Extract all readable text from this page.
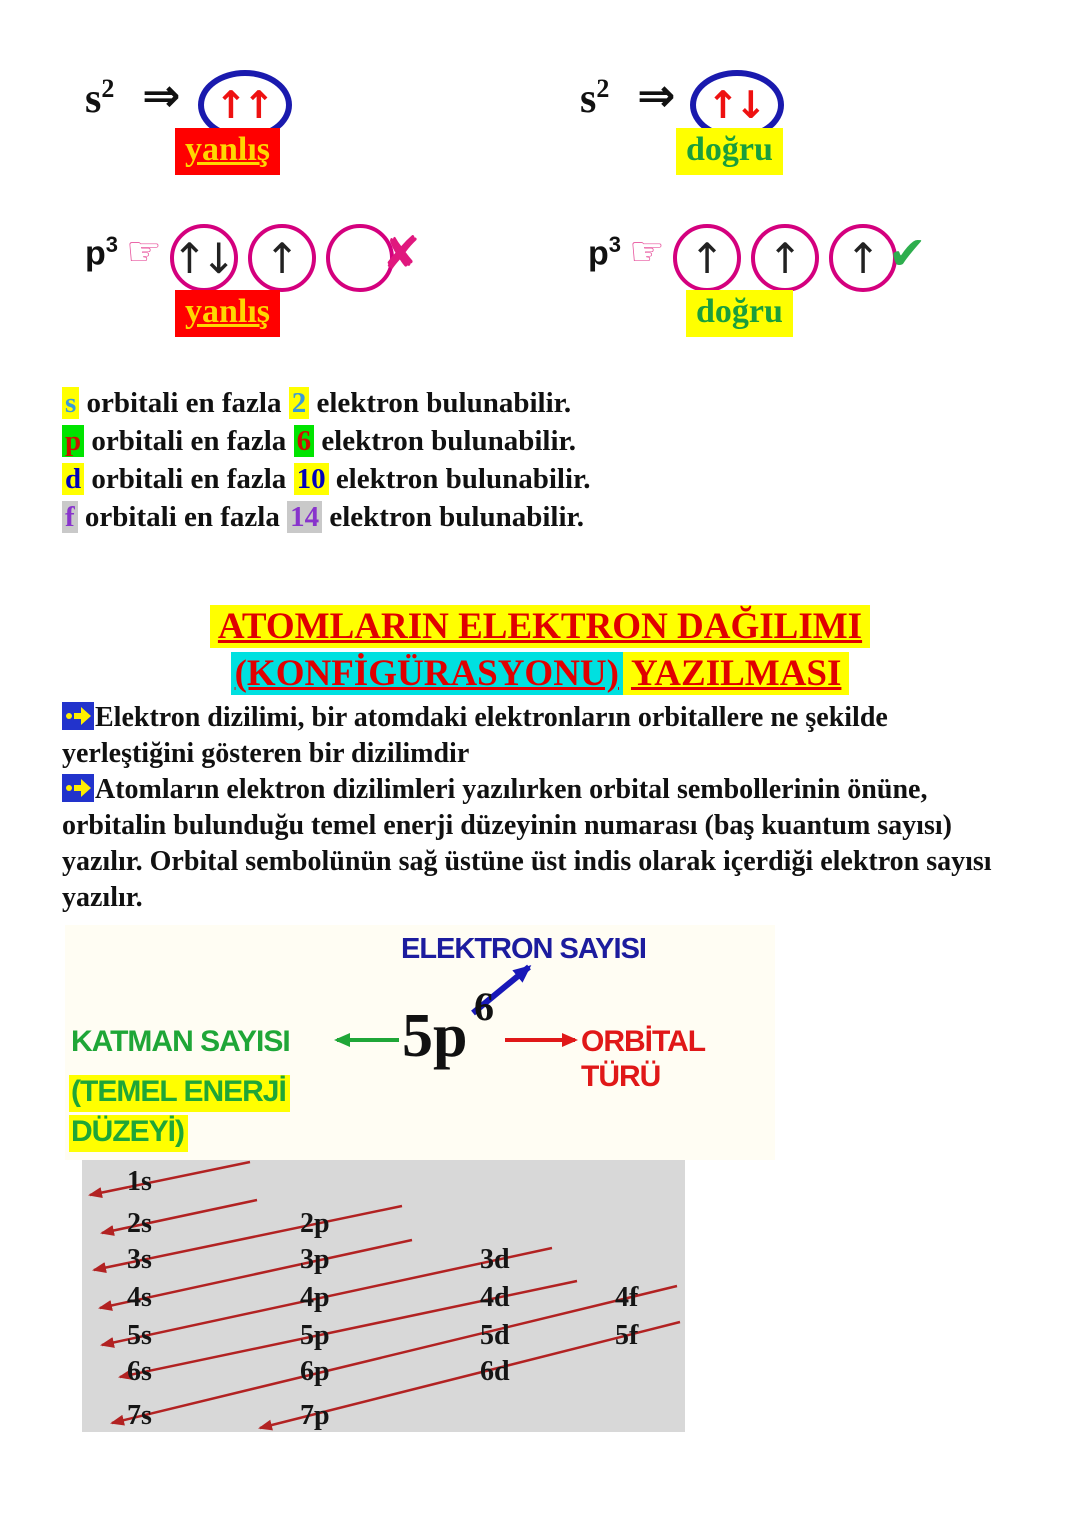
$s^2$ ⇒ ↑↑
yanlış
$s^2$ ⇒ ↑↓
doğru
$p^3$ ☞ ↑↓ ↑	✘
yanlış
$p^3$ ☞ ↑	↑	↑ ✔
doğru
s orbitali en fazla 2 elektron bulunabilir.
p orbitali en fazla 6 elektron bulunabilir.
d orbitali en fazla 10 elektron bulunabilir.
f orbitali en fazla 14 elektron bulunabilir.
ATOMLARIN ELEKTRON DAĞILIMI
(KONFİGÜRASYONU) YAZILMASI

Elektron dizilimi, bir atomdaki elektronların orbitallere ne şekilde yerleştiğini gösteren bir dizilimdir

Atomların elektron dizilimleri yazılırken orbital sembollerinin önüne, orbitalin bulunduğu temel enerji düzeyinin numarası (baş kuantum sayısı) yazılır. Orbital sembolünün sağ üstüne üst indis olarak içerdiği elektron sayısı yazılır.

ELEKTRON SAYISI
KATMAN SAYISI 5p 6
ORBİTAL TÜRÜ
(TEMEL ENERJİ
DÜZEYİ)
1s
2s	2p
3s	3p	3d
4s	4p	4d	4f
5s	5p	5d	5f
6s	6p	6d
7s	7p
